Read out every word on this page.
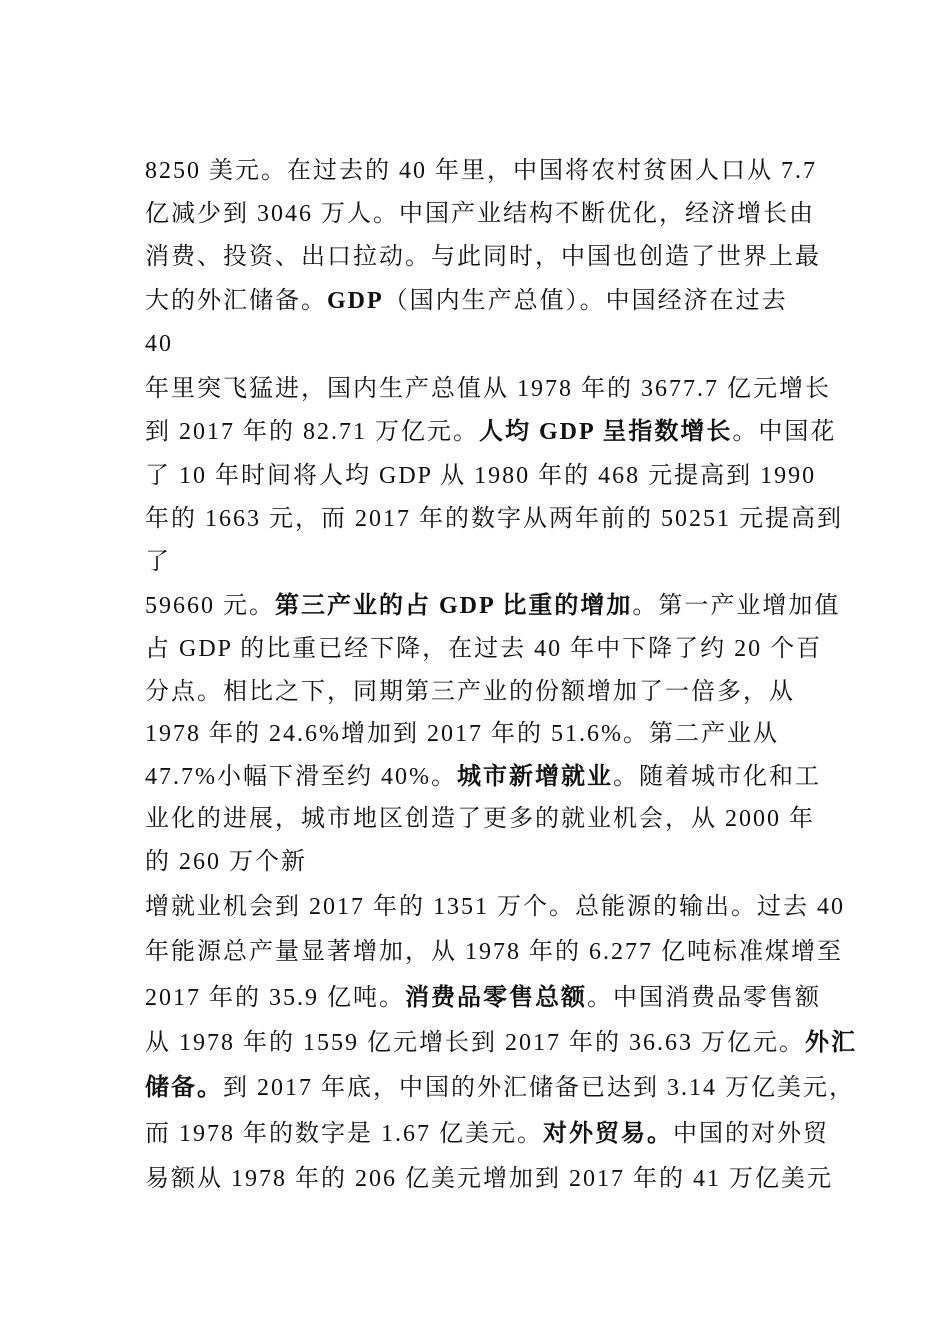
8250 美元。在过去的 40 年里，中国将农村贫困人口从 7.7
亿减少到 3046 万人。中国产业结构不断优化，经济增长由
消费、投资、出口拉动。与此同时，中国也创造了世界上最
大的外汇储备。GDP（国内生产总值）。中国经济在过去
40
年里突飞猛进，国内生产总值从 1978 年的 3677.7 亿元增长
到 2017 年的 82.71 万亿元。人均 GDP 呈指数增长。中国花
了 10 年时间将人均 GDP 从 1980 年的 468 元提高到 1990
年的 1663 元，而 2017 年的数字从两年前的 50251 元提高到
了
59660 元。第三产业的占 GDP 比重的增加。第一产业增加值
占 GDP 的比重已经下降，在过去 40 年中下降了约 20 个百
分点。相比之下，同期第三产业的份额增加了一倍多，从
1978 年的 24.6%增加到 2017 年的 51.6%。第二产业从
47.7%小幅下滑至约 40%。城市新增就业。随着城市化和工
业化的进展，城市地区创造了更多的就业机会，从 2000 年
的 260 万个新
增就业机会到 2017 年的 1351 万个。总能源的输出。过去 40
年能源总产量显著增加，从 1978 年的 6.277 亿吨标准煤增至
2017 年的 35.9 亿吨。消费品零售总额。中国消费品零售额
从 1978 年的 1559 亿元增长到 2017 年的 36.63 万亿元。外汇
储备。到 2017 年底，中国的外汇储备已达到 3.14 万亿美元，
而 1978 年的数字是 1.67 亿美元。对外贸易。中国的对外贸
易额从 1978 年的 206 亿美元增加到 2017 年的 41 万亿美元
